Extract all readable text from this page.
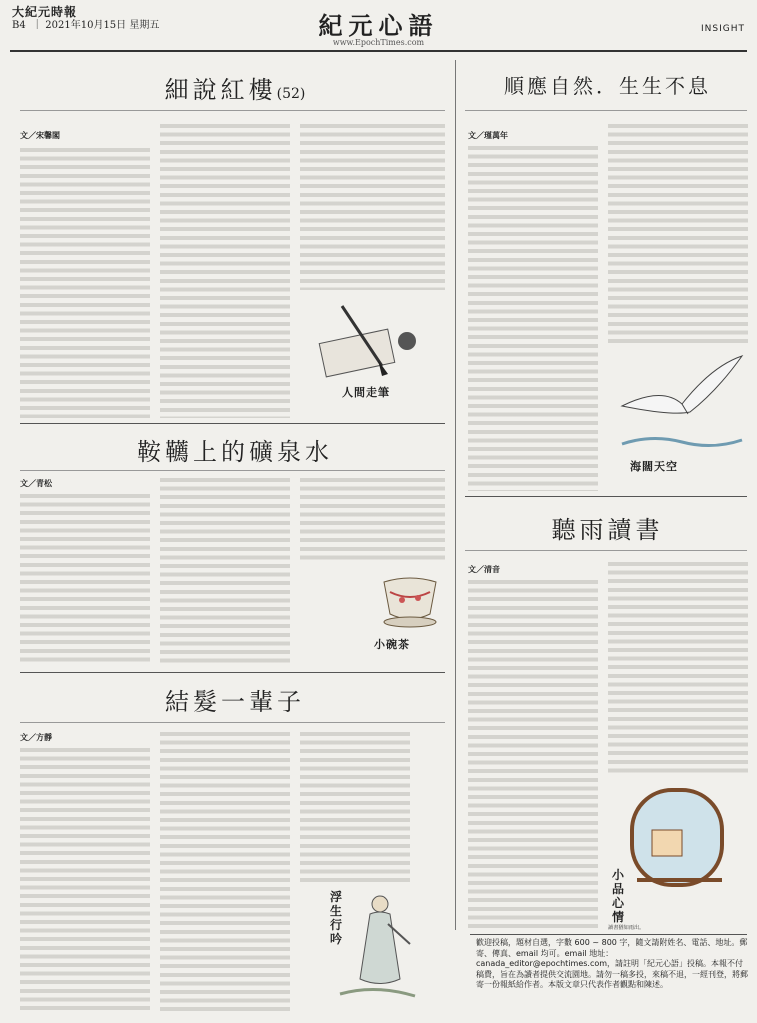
大紀元時報
B4  ｜ 2021年10月15日 星期五	紀元心語
www.EpochTimes.com
INSIGHT
細說紅樓(52)
文／宋馨閣
人間走筆
鞍韉上的礦泉水
文／青松
小碗茶
結髮一輩子
文／方靜
浮生行吟
順應自然．生生不息
文／瑾萬年
海闊天空
聽雨讀書
文／清音
小品心情
讀書猶如雨出。
歡迎投稿，題材自選，字數 600 ~ 800 字，隨文請附姓名、電話、地址。郵寄、傳真、email 均可。email 地址：canada_editor@epochtimes.com，請註明「紀元心語」投稿。本報不付稿費，旨在為讀者提供交流園地。請勿一稿多投，來稿不退，一經刊登，將郵寄一份報紙給作者。本版文章只代表作者觀點和陳述。
